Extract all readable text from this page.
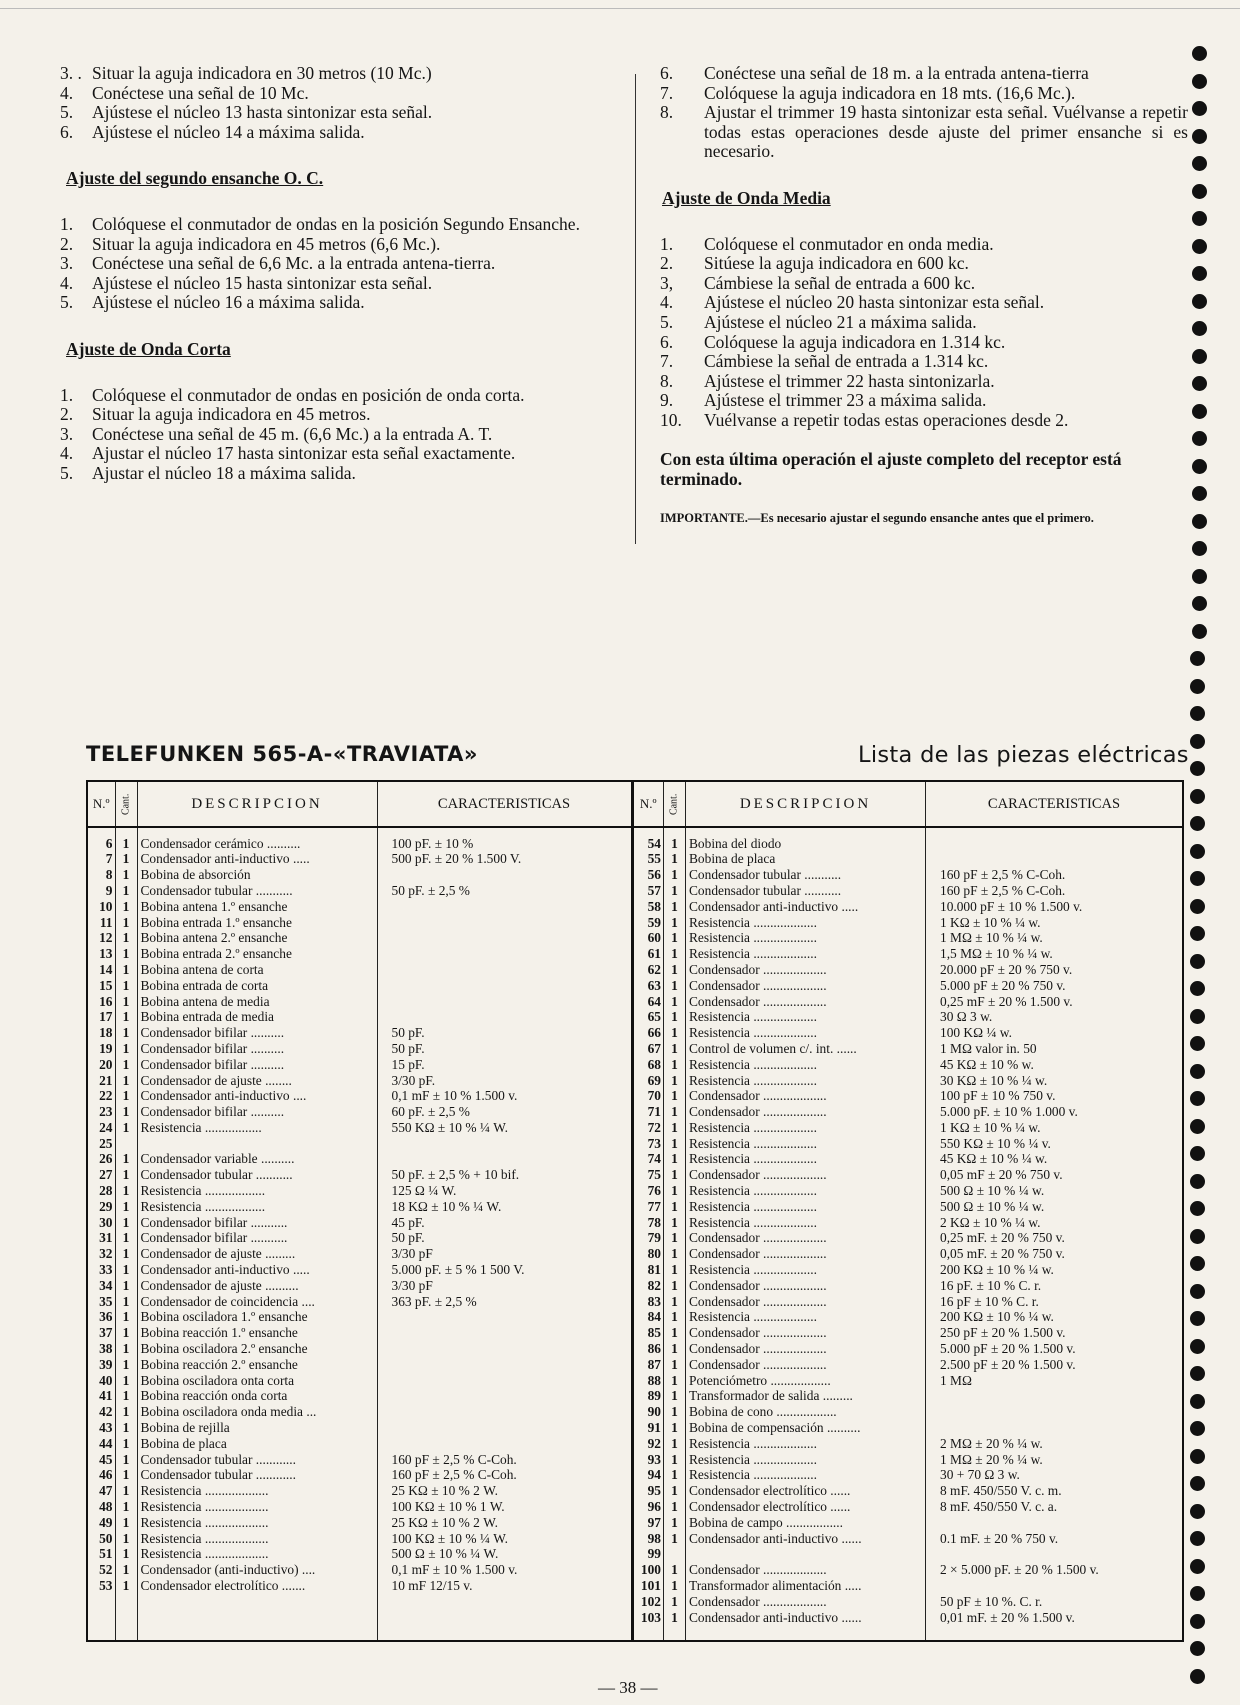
3. . Situar la aguja indicadora en 30 metros (10 Mc.)
4.	Conéctese una señal de 10 Mc.
5.	Ajústese el núcleo 13 hasta sintonizar esta señal.
6.	Ajústese el núcleo 14 a máxima salida.
Ajuste del segundo ensanche O. C.
1.	Colóquese el conmutador de ondas en la posición Segundo Ensanche.
2.	Situar la aguja indicadora en 45 metros (6,6 Mc.).
3.	Conéctese una señal de 6,6 Mc. a la entrada antena-tierra.
4.	Ajústese el núcleo 15 hasta sintonizar esta señal.
5.	Ajústese el núcleo 16 a máxima salida.
Ajuste de Onda Corta
1.	Colóquese el conmutador de ondas en posición de onda corta.
2.	Situar la aguja indicadora en 45 metros.
3.	Conéctese una señal de 45 m. (6,6 Mc.) a la entrada A. T.
4.	Ajustar el núcleo 17 hasta sintonizar esta señal exactamente.
5.	Ajustar el núcleo 18 a máxima salida.
6.	Conéctese una señal de 18 m. a la entrada antena-tierra
7.	Colóquese la aguja indicadora en 18 mts. (16,6 Mc.).
8.	Ajustar el trimmer 19 hasta sintonizar esta señal. Vuélvanse a repetir todas estas operaciones desde ajuste del primer ensanche si es necesario.
Ajuste de Onda Media
1.	Colóquese el conmutador en onda media.
2.	Sitúese la aguja indicadora en 600 kc.
3,	Cámbiese la señal de entrada a 600 kc.
4.	Ajústese el núcleo 20 hasta sintonizar esta señal.
5.	Ajústese el núcleo 21 a máxima salida.
6.	Colóquese la aguja indicadora en 1.314 kc.
7.	Cámbiese la señal de entrada a 1.314 kc.
8.	Ajústese el trimmer 22 hasta sintonizarla.
9.	Ajústese el trimmer 23 a máxima salida.
10.	Vuélvanse a repetir todas estas operaciones desde 2.
Con esta última operación el ajuste completo del receptor está terminado.
IMPORTANTE.—Es necesario ajustar el segundo ensanche antes que el primero.
TELEFUNKEN 565-A-«TRAVIATA»	Lista de las piezas eléctricas
N.º	Cant.	DESCRIPCION	CARACTERISTICAS
6	1	Condensador cerámico ..........	100 pF. ± 10 %
7	1	Condensador anti-inductivo .....	500 pF. ± 20 % 1.500 V.
8	1	Bobina de absorción	
9	1	Condensador tubular ...........	50 pF. ± 2,5 %
10	1	Bobina antena 1.º ensanche	
11	1	Bobina entrada 1.º ensanche	
12	1	Bobina antena 2.º ensanche	
13	1	Bobina entrada 2.º ensanche	
14	1	Bobina antena de corta	
15	1	Bobina entrada de corta	
16	1	Bobina antena de media	
17	1	Bobina entrada de media	
18	1	Condensador bifilar ..........	50 pF.
19	1	Condensador bifilar ..........	50 pF.
20	1	Condensador bifilar ..........	15 pF.
21	1	Condensador de ajuste ........	3/30 pF.
22	1	Condensador anti-inductivo ....	0,1 mF ± 10 % 1.500 v.
23	1	Condensador bifilar ..........	60 pF. ± 2,5 %
24	1	Resistencia .................	550 KΩ ± 10 % ¼ W.
25			
26	1	Condensador variable ..........	
27	1	Condensador tubular ...........	50 pF. ± 2,5 % + 10 bif.
28	1	Resistencia ..................	125 Ω ¼ W.
29	1	Resistencia ..................	18 KΩ ± 10 % ¼ W.
30	1	Condensador bifilar ...........	45 pF.
31	1	Condensador bifilar ...........	50 pF.
32	1	Condensador de ajuste .........	3/30 pF
33	1	Condensador anti-inductivo .....	5.000 pF. ± 5 % 1 500 V.
34	1	Condensador de ajuste ..........	3/30 pF
35	1	Condensador de coincidencia ....	363 pF. ± 2,5 %
36	1	Bobina osciladora 1.º ensanche	
37	1	Bobina reacción 1.º ensanche	
38	1	Bobina osciladora 2.º ensanche	
39	1	Bobina reacción 2.º ensanche	
40	1	Bobina osciladora onta corta	
41	1	Bobina reacción onda corta	
42	1	Bobina osciladora onda media ...	
43	1	Bobina de rejilla	
44	1	Bobina de placa	
45	1	Condensador tubular ............	160 pF ± 2,5 % C-Coh.
46	1	Condensador tubular ............	160 pF ± 2,5 % C-Coh.
47	1	Resistencia ...................	25 KΩ ± 10 % 2 W.
48	1	Resistencia ...................	100 KΩ ± 10 % 1 W.
49	1	Resistencia ...................	25 KΩ ± 10 % 2 W.
50	1	Resistencia ...................	100 KΩ ± 10 % ¼ W.
51	1	Resistencia ...................	500 Ω ± 10 % ¼ W.
52	1	Condensador (anti-inductivo) ....	0,1 mF ± 10 % 1.500 v.
53	1	Condensador electrolítico .......	10 mF 12/15 v.

N.º	Cant.	DESCRIPCION	CARACTERISTICAS
54	1	Bobina del diodo	
55	1	Bobina de placa	
56	1	Condensador tubular ...........	160 pF ± 2,5 % C-Coh.
57	1	Condensador tubular ...........	160 pF ± 2,5 % C-Coh.
58	1	Condensador anti-inductivo .....	10.000 pF ± 10 % 1.500 v.
59	1	Resistencia ...................	1 KΩ ± 10 % ¼ w.
60	1	Resistencia ...................	1 MΩ ± 10 % ¼ w.
61	1	Resistencia ...................	1,5 MΩ ± 10 % ¼ w.
62	1	Condensador ...................	20.000 pF ± 20 % 750 v.
63	1	Condensador ...................	5.000 pF ± 20 % 750 v.
64	1	Condensador ...................	0,25 mF ± 20 % 1.500 v.
65	1	Resistencia ...................	30 Ω 3 w.
66	1	Resistencia ...................	100 KΩ ¼ w.
67	1	Control de volumen c/. int. ......	1 MΩ valor in. 50
68	1	Resistencia ...................	45 KΩ ± 10 % w.
69	1	Resistencia ...................	30 KΩ ± 10 % ¼ w.
70	1	Condensador ...................	100 pF ± 10 % 750 v.
71	1	Condensador ...................	5.000 pF. ± 10 % 1.000 v.
72	1	Resistencia ...................	1 KΩ ± 10 % ¼ w.
73	1	Resistencia ...................	550 KΩ ± 10 % ¼ v.
74	1	Resistencia ...................	45 KΩ ± 10 % ¼ w.
75	1	Condensador ...................	0,05 mF ± 20 % 750 v.
76	1	Resistencia ...................	500 Ω ± 10 % ¼ w.
77	1	Resistencia ...................	500 Ω ± 10 % ¼ w.
78	1	Resistencia ...................	2 KΩ ± 10 % ¼ w.
79	1	Condensador ...................	0,25 mF. ± 20 % 750 v.
80	1	Condensador ...................	0,05 mF. ± 20 % 750 v.
81	1	Resistencia ...................	200 KΩ ± 10 % ¼ w.
82	1	Condensador ...................	16 pF. ± 10 % C. r.
83	1	Condensador ...................	16 pF ± 10 % C. r.
84	1	Resistencia ...................	200 KΩ ± 10 % ¼ w.
85	1	Condensador ...................	250 pF ± 20 % 1.500 v.
86	1	Condensador ...................	5.000 pF ± 20 % 1.500 v.
87	1	Condensador ...................	2.500 pF ± 20 % 1.500 v.
88	1	Potenciómetro ..................	1 MΩ
89	1	Transformador de salida .........	
90	1	Bobina de cono ..................	
91	1	Bobina de compensación ..........	
92	1	Resistencia ...................	2 MΩ ± 20 % ¼ w.
93	1	Resistencia ...................	1 MΩ ± 20 % ¼ w.
94	1	Resistencia ...................	30 + 70 Ω 3 w.
95	1	Condensador electrolítico ......	8 mF. 450/550 V. c. m.
96	1	Condensador electrolítico ......	8 mF. 450/550 V. c. a.
97	1	Bobina de campo .................	
98	1	Condensador anti-inductivo ......	0.1 mF. ± 20 % 750 v.
99			
100	1	Condensador ...................	2 × 5.000 pF. ± 20 % 1.500 v.
101	1	Transformador alimentación .....	
102	1	Condensador ...................	50 pF ± 10 %. C. r.
103	1	Condensador anti-inductivo ......	0,01 mF. ± 20 % 1.500 v.

— 38 —
